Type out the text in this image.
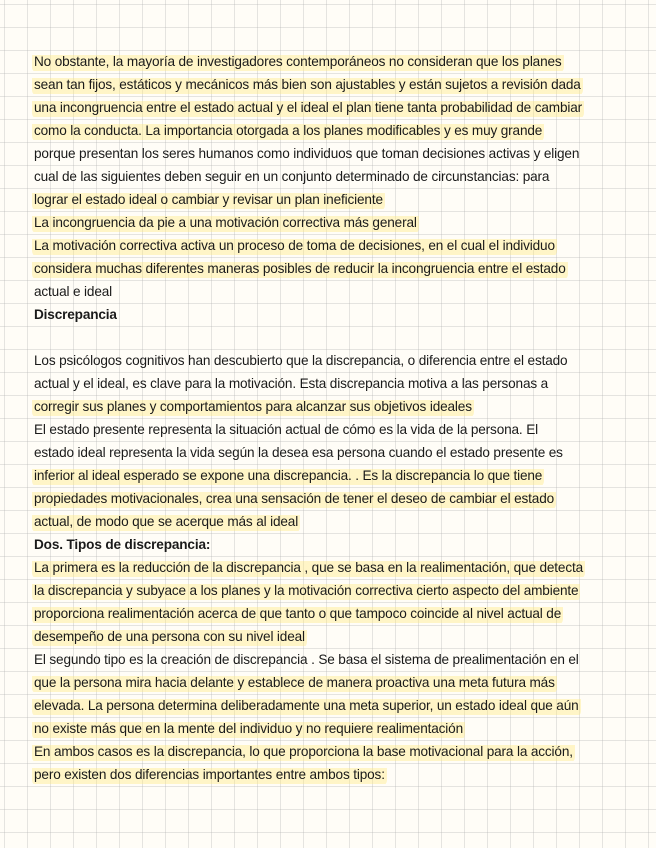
No obstante, la mayoría de investigadores contemporáneos no consideran que los planes
sean tan fijos, estáticos y mecánicos más bien son ajustables y están sujetos a revisión dada
una incongruencia entre el estado actual y el ideal el plan tiene tanta probabilidad de cambiar
como la conducta. La importancia otorgada a los planes modificables y es muy grande
porque presentan los seres humanos como individuos que toman decisiones activas y eligen
cual de las siguientes deben seguir en un conjunto determinado de circunstancias: para
lograr el estado ideal o cambiar y revisar un plan ineficiente
La incongruencia da pie a una motivación correctiva más general
La motivación correctiva activa un proceso de toma de decisiones, en el cual el individuo
considera muchas diferentes maneras posibles de reducir la incongruencia entre el estado
actual e ideal
Discrepancia
Los psicólogos cognitivos han descubierto que la discrepancia, o diferencia entre el estado
actual y el ideal, es clave para la motivación. Esta discrepancia motiva a las personas a
corregir sus planes y comportamientos para alcanzar sus objetivos ideales
El estado presente representa la situación actual de cómo es la vida de la persona. El
estado ideal representa la vida según la desea esa persona cuando el estado presente es
inferior al ideal esperado se expone una discrepancia. . Es la discrepancia lo que tiene
propiedades motivacionales, crea una sensación de tener el deseo de cambiar el estado
actual, de modo que se acerque más al ideal
Dos. Tipos de discrepancia:
La primera es la reducción de la discrepancia , que se basa en la realimentación, que detecta
la discrepancia y subyace a los planes y la motivación correctiva cierto aspecto del ambiente
proporciona realimentación acerca de que tanto o que tampoco coincide al nivel actual de
desempeño de una persona con su nivel ideal
El segundo tipo es la creación de discrepancia . Se basa el sistema de prealimentación en el
que la persona mira hacia delante y establece de manera proactiva una meta futura más
elevada. La persona determina deliberadamente una meta superior, un estado ideal que aún
no existe más que en la mente del individuo y no requiere realimentación
En ambos casos es la discrepancia, lo que proporciona la base motivacional para la acción,
pero existen dos diferencias importantes entre ambos tipos:
